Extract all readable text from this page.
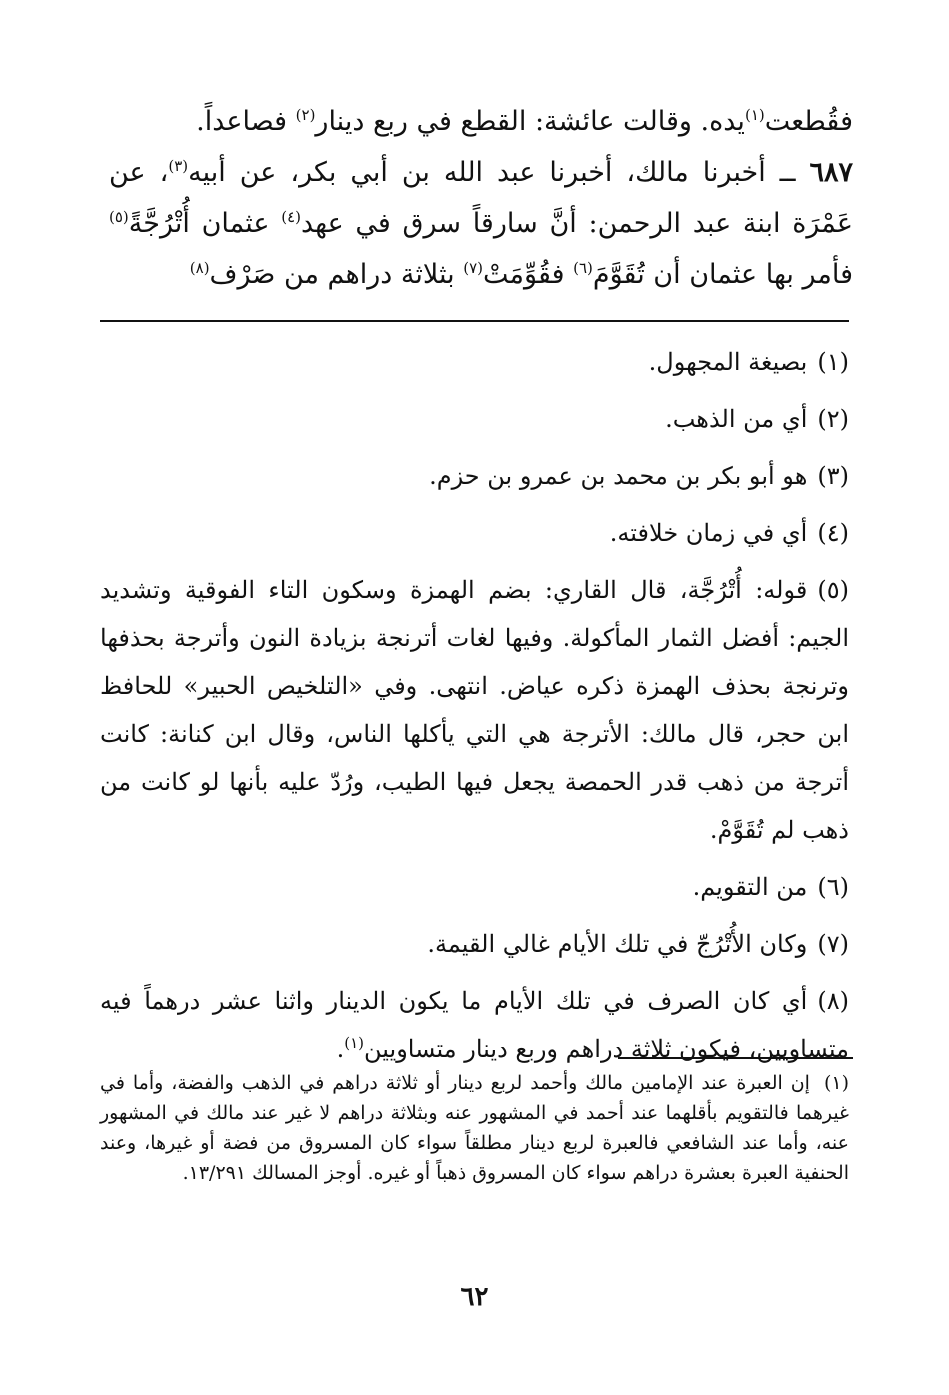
فقُطعت$^{(١)}$يده. وقالت عائشة: القطع في ربع دينار$^{(٢)}$ فصاعداً.

٦٨٧ ــ أخبرنا مالك، أخبرنا عبد الله بن أبي بكر، عن أبيه$^{(٣)}$، عن عَمْرَة ابنة عبد الرحمن: أنَّ سارقاً سرق في عهد$^{(٤)}$ عثمان أُتْرُجَّةً$^{(٥)}$ فأمر بها عثمان أن تُقَوَّمَ$^{(٦)}$ فقُوِّمَتْ$^{(٧)}$ بثلاثة دراهم من صَرْف$^{(٨)}$

(١)بصيغة المجهول.

(٢)أي من الذهب.

(٣)هو أبو بكر بن محمد بن عمرو بن حزم.

(٤)أي في زمان خلافته.

(٥)قوله: أُتْرُجَّة، قال القاري: بضم الهمزة وسكون التاء الفوقية وتشديد الجيم: أفضل الثمار المأكولة. وفيها لغات أترنجة بزيادة النون وأترجة بحذفها وترنجة بحذف الهمزة ذكره عياض. انتهى. وفي «التلخيص الحبير» للحافظ ابن حجر، قال مالك: الأترجة هي التي يأكلها الناس، وقال ابن كنانة: كانت أترجة من ذهب قدر الحمصة يجعل فيها الطيب، ورُدّ عليه بأنها لو كانت من ذهب لم تُقَوَّمْ.

(٦)من التقويم.

(٧)وكان الأُتْرُجّ في تلك الأيام غالي القيمة.

(٨)أي كان الصرف في تلك الأيام ما يكون الدينار واثنا عشر درهماً فيه متساويين، فيكون ثلاثة دراهم وربع دينار متساويين$^{(١)}$.

(١)إن العبرة عند الإمامين مالك وأحمد لربع دينار أو ثلاثة دراهم في الذهب والفضة، وأما في غيرهما فالتقويم بأقلهما عند أحمد في المشهور عنه وبثلاثة دراهم لا غير عند مالك في المشهور عنه، وأما عند الشافعي فالعبرة لربع دينار مطلقاً سواء كان المسروق من فضة أو غيرها، وعند الحنفية العبرة بعشرة دراهم سواء كان المسروق ذهباً أو غيره. أوجز المسالك ١٣/٢٩١.

٦٢
